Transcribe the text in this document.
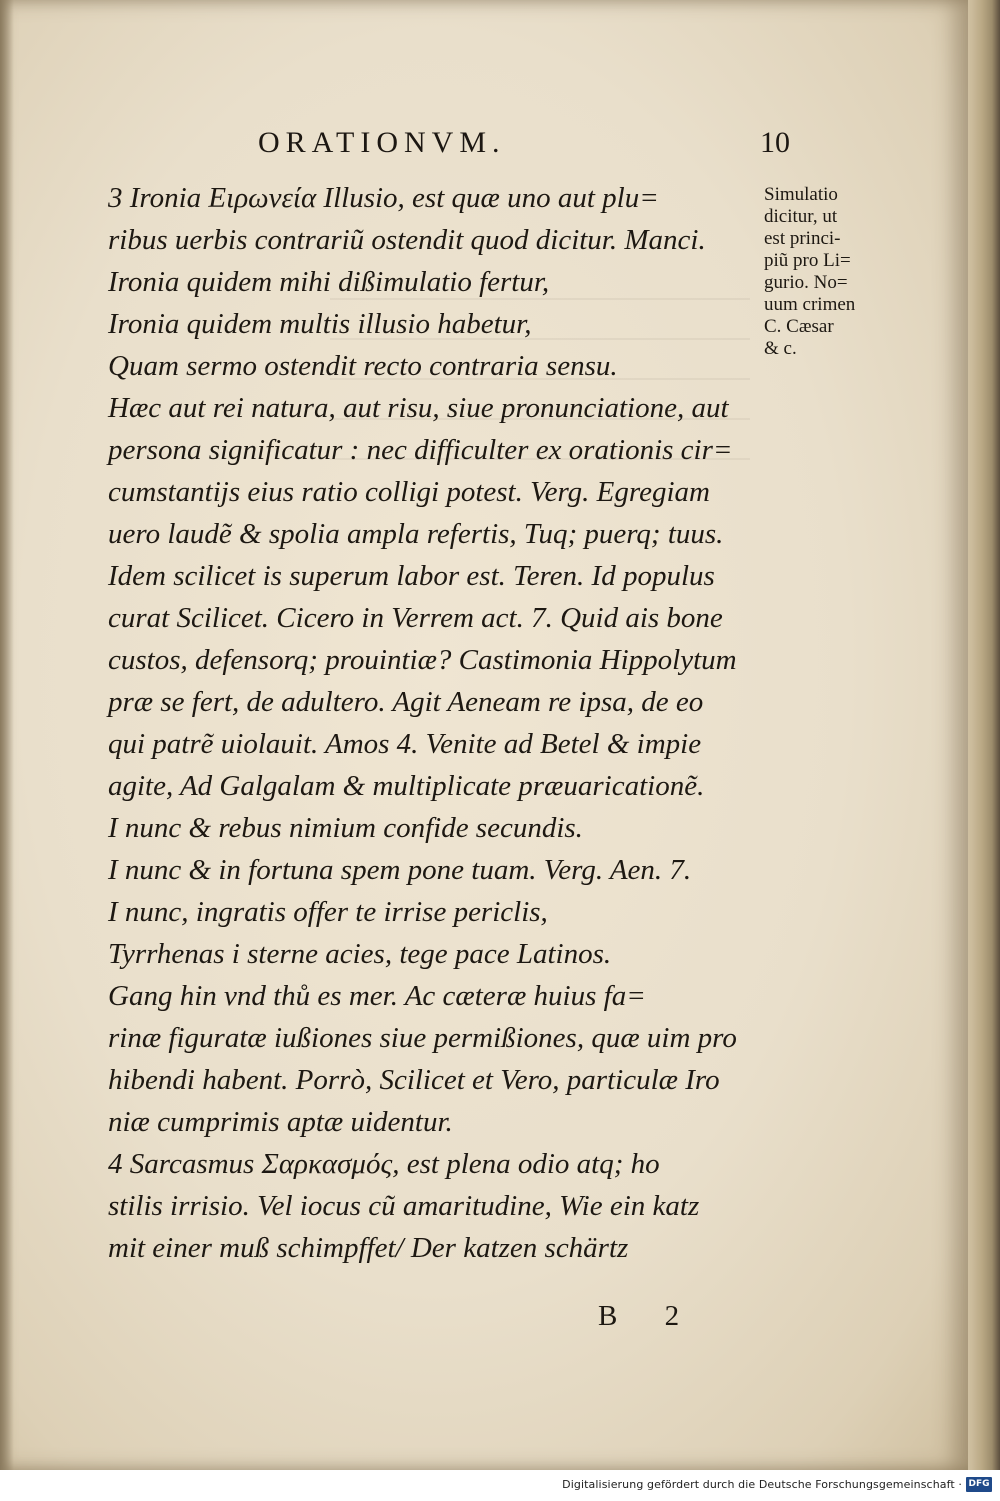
ORATIONVM.	10
3 Ironia Ειρωνεία Illusio, est quæ uno aut plu=
ribus uerbis contrariũ ostendit quod dicitur. Manci.
Ironia quidem mihi dißimulatio fertur,
Ironia quidem multis illusio habetur,
Quam sermo ostendit recto contraria sensu.
Hæc aut rei natura, aut risu, siue pronunciatione, aut
persona significatur : nec difficulter ex orationis cir=
cumstantijs eius ratio colligi potest. Verg. Egregiam
uero laudẽ & spolia ampla refertis, Tuq; puerq; tuus.
Idem scilicet is superum labor est. Teren. Id populus
curat Scilicet. Cicero in Verrem act. 7. Quid ais bone
custos, defensorq; prouintiæ? Castimonia Hippolytum
præ se fert, de adultero. Agit Aeneam re ipsa, de eo
qui patrẽ uiolauit. Amos 4. Venite ad Betel & impie
agite, Ad Galgalam & multiplicate præuaricationẽ.
I nunc & rebus nimium confide secundis.
I nunc & in fortuna spem pone tuam. Verg. Aen. 7.
I nunc, ingratis offer te irrise periclis,
Tyrrhenas i sterne acies, tege pace Latinos.
Gang hin vnd thů es mer. Ac cæteræ huius fa=
rinæ figuratæ iußiones siue permißiones, quæ uim pro
hibendi habent. Porrò, Scilicet et Vero, particulæ Iro
niæ cumprimis aptæ uidentur.
4 Sarcasmus Σαρκασμός, est plena odio atq; ho
stilis irrisio. Vel iocus cũ amaritudine, Wie ein katz
mit einer muß schimpffet/ Der katzen schärtz
Simulatio
dicitur, ut
est princi-
piũ pro Li=
gurio. No=
uum crimen
C. Cæsar
& c.
B 2
Digitalisierung gefördert durch die Deutsche Forschungsgemeinschaft · DFG
